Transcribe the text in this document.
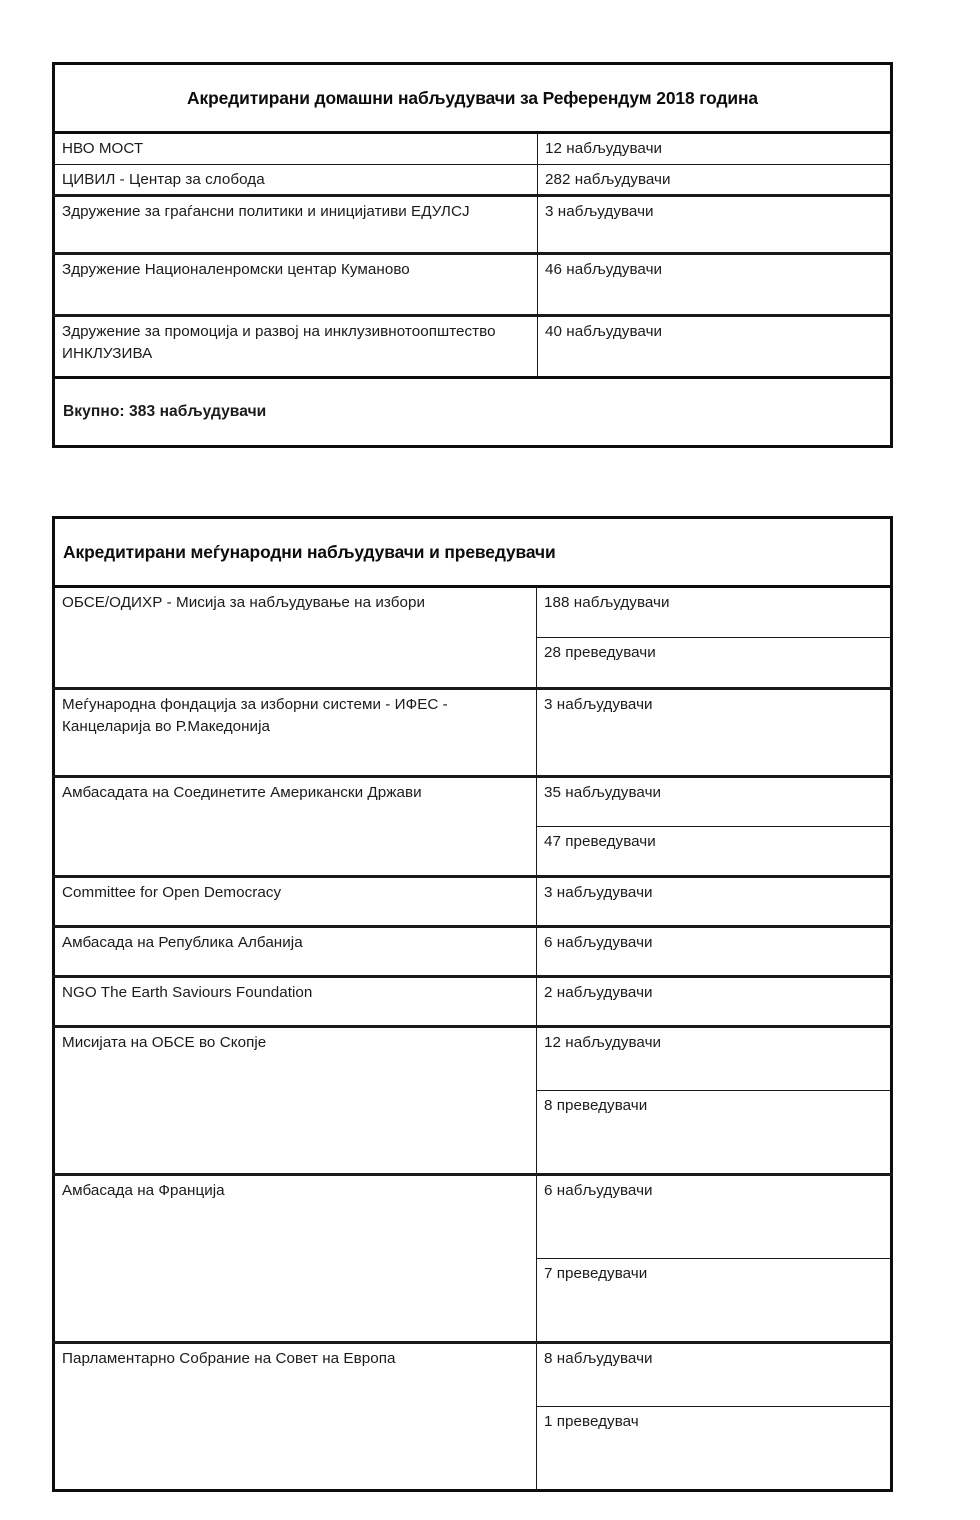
Акредитирани домашни набљудувачи за Референдум 2018 година	
НВО МОСТ	12 набљудувачи
ЦИВИЛ - Центар за слобода	282 набљудувачи
Здружение за граѓансни политики и иницијативи ЕДУЛСЈ	3 набљудувачи
Здружение Националенромски центар Куманово	46 набљудувачи
Здружение за промоција и развој на инклузивнотоопштество ИНКЛУЗИВА	40 набљудувачи
Вкупно: 383 набљудувачи	
Акредитирани меѓународни набљудувачи и преведувачи	
ОБСЕ/ОДИХР - Мисија за набљудување на избори	188 набљудувачи
	28 преведувачи
Меѓународна фондација за изборни системи - ИФЕС - Канцеларија во Р.Македонија	3 набљудувачи
Амбасадата на Соединетите Американски Држави	35 набљудувачи
	47 преведувачи
Committee for Open Democracy	3 набљудувачи
Амбасада на Република Албанија	6 набљудувачи
NGO The Earth Saviours Foundation	2 набљудувачи
Мисијата на ОБСЕ во Скопје	12 набљудувачи
	8 преведувачи
Амбасада на Франција	6 набљудувачи
	7 преведувачи
Парламентарно Собрание на Совет на Европа	8 набљудувачи
	1 преведувач
